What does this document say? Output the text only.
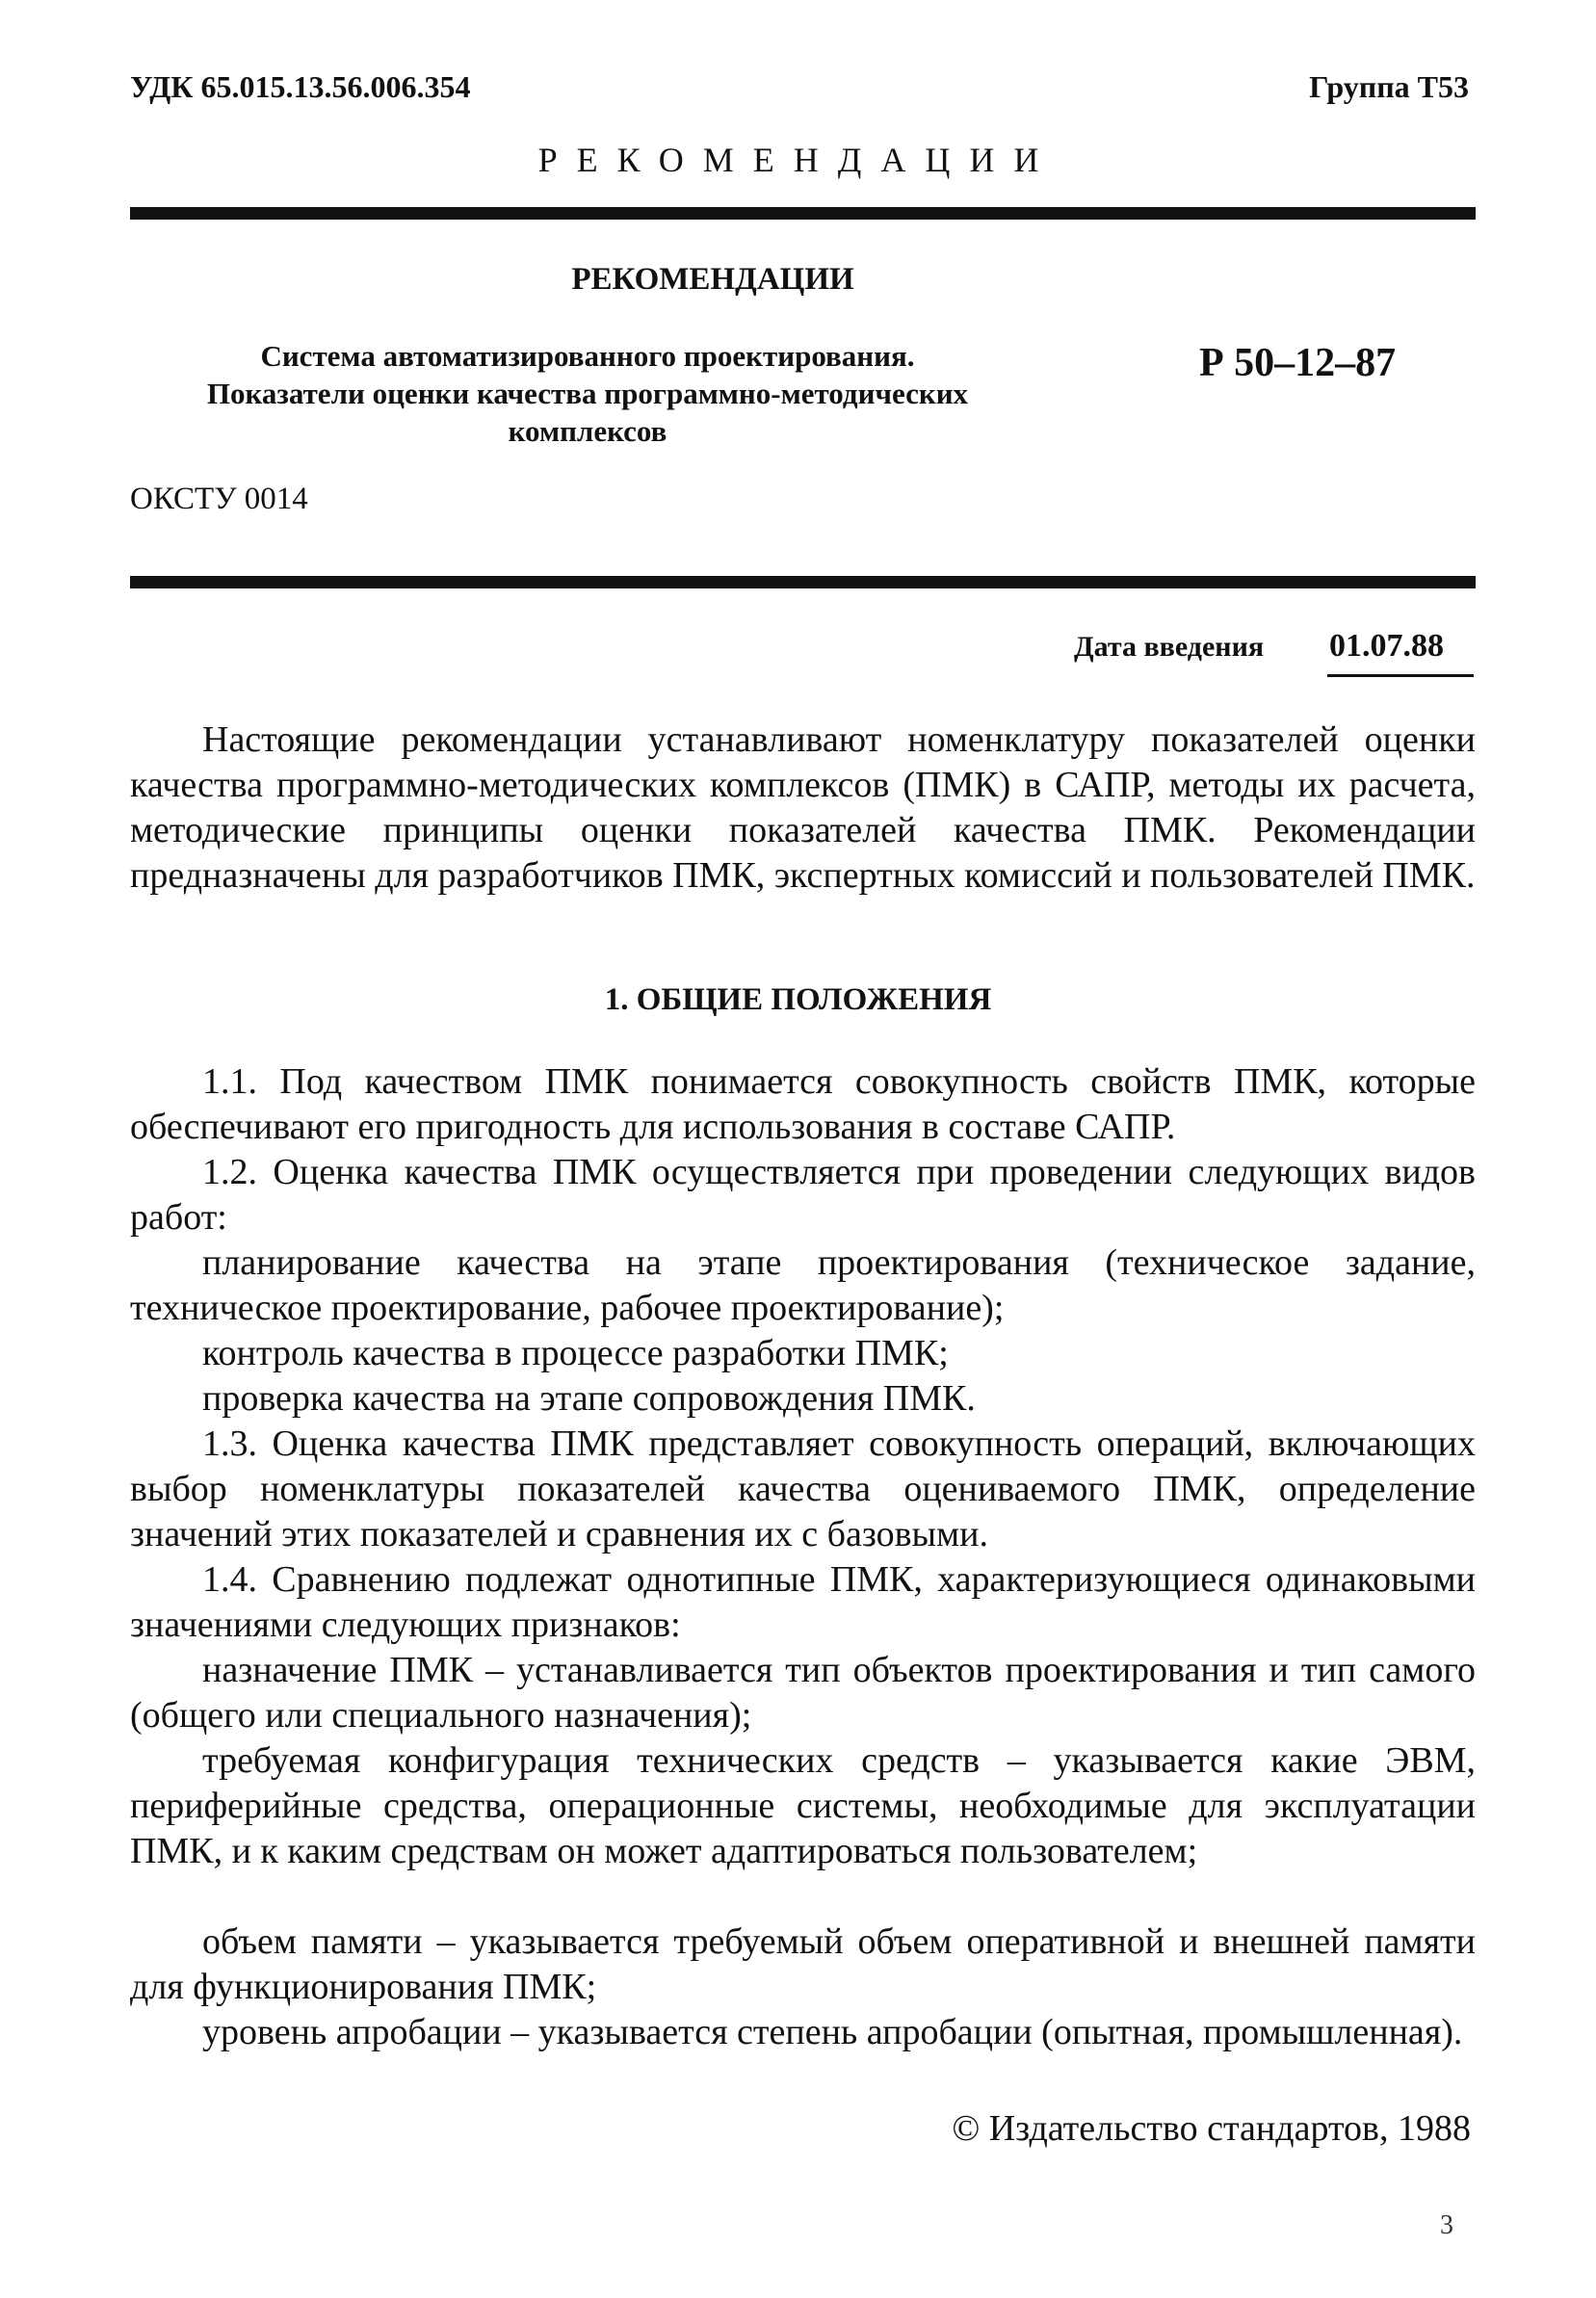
УДК 65.015.13.56.006.354	Группа Т53
РЕКОМЕНДАЦИИ
РЕКОМЕНДАЦИИ
Система автоматизированного проектирования.
Показатели оценки качества программно-методических
комплексов
Р 50–12–87
ОКСТУ 0014
Дата введения 01.07.88

Настоящие рекомендации устанавливают номенклатуру показателей оценки качества программно-методических комплексов (ПМК) в САПР, методы их расчета, методические принципы оценки показателей качества ПМК. Рекомендации предназначены для разработчиков ПМК, экспертных комиссий и пользователей ПМК.

1. ОБЩИЕ ПОЛОЖЕНИЯ

1.1. Под качеством ПМК понимается совокупность свойств ПМК, которые обеспечивают его пригодность для использования в составе САПР.

1.2. Оценка качества ПМК осуществляется при проведении следующих видов работ:

планирование качества на этапе проектирования (техническое задание, техническое проектирование, рабочее проектирование);

контроль качества в процессе разработки ПМК;

проверка качества на этапе сопровождения ПМК.

1.3. Оценка качества ПМК представляет совокупность операций, включающих выбор номенклатуры показателей качества оцениваемого ПМК, определение значений этих показателей и сравнения их с базовыми.

1.4. Сравнению подлежат однотипные ПМК, характеризующиеся одинаковыми значениями следующих признаков:

назначение ПМК – устанавливается тип объектов проектирования и тип самого (общего или специального назначения);

требуемая конфигурация технических средств – указывается какие ЭВМ, периферийные средства, операционные системы, необходимые для эксплуатации ПМК, и к каким средствам он может адаптироваться пользователем;

объем памяти – указывается требуемый объем оперативной и внешней памяти для функционирования ПМК;

уровень апробации – указывается степень апробации (опытная, промышленная).

© Издательство стандартов, 1988
3
